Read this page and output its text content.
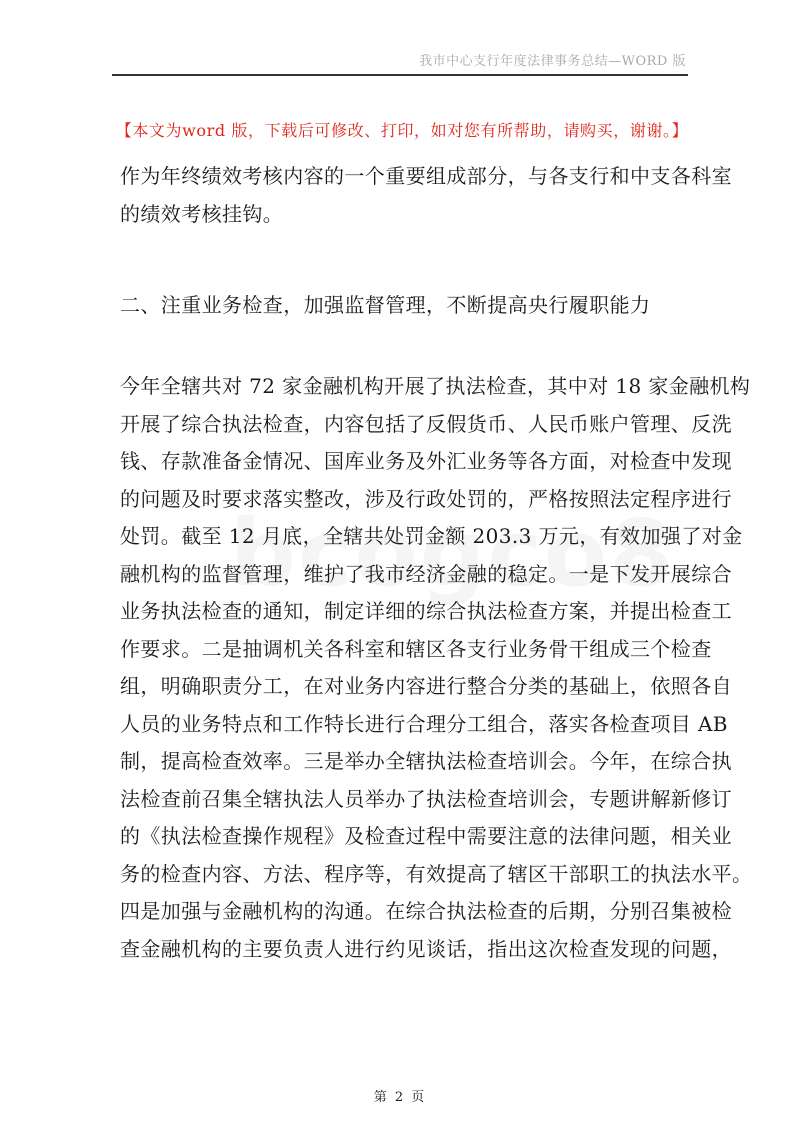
我市中心支行年度法律事务总结—WORD 版
【本文为word 版，下载后可修改、打印，如对您有所帮助，请购买，谢谢。】
作为年终绩效考核内容的一个重要组成部分，与各支行和中支各科室
的绩效考核挂钩。
二、注重业务检查，加强监督管理，不断提高央行履职能力
今年全辖共对 72 家金融机构开展了执法检查，其中对 18 家金融机构
开展了综合执法检查，内容包括了反假货币、人民币账户管理、反洗
钱、存款准备金情况、国库业务及外汇业务等各方面，对检查中发现
的问题及时要求落实整改，涉及行政处罚的，严格按照法定程序进行
处罚。截至 12 月底，全辖共处罚金额 203.3 万元，有效加强了对金
融机构的监督管理，维护了我市经济金融的稳定。一是下发开展综合
业务执法检查的通知，制定详细的综合执法检查方案，并提出检查工
作要求。二是抽调机关各科室和辖区各支行业务骨干组成三个检查
组，明确职责分工，在对业务内容进行整合分类的基础上，依照各自
人员的业务特点和工作特长进行合理分工组合，落实各检查项目 AB
制，提高检查效率。三是举办全辖执法检查培训会。今年，在综合执
法检查前召集全辖执法人员举办了执法检查培训会，专题讲解新修订
的《执法检查操作规程》及检查过程中需要注意的法律问题，相关业
务的检查内容、方法、程序等，有效提高了辖区干部职工的执法水平。
四是加强与金融机构的沟通。在综合执法检查的后期，分别召集被检
查金融机构的主要负责人进行约见谈话，指出这次检查发现的问题，
第 2 页
